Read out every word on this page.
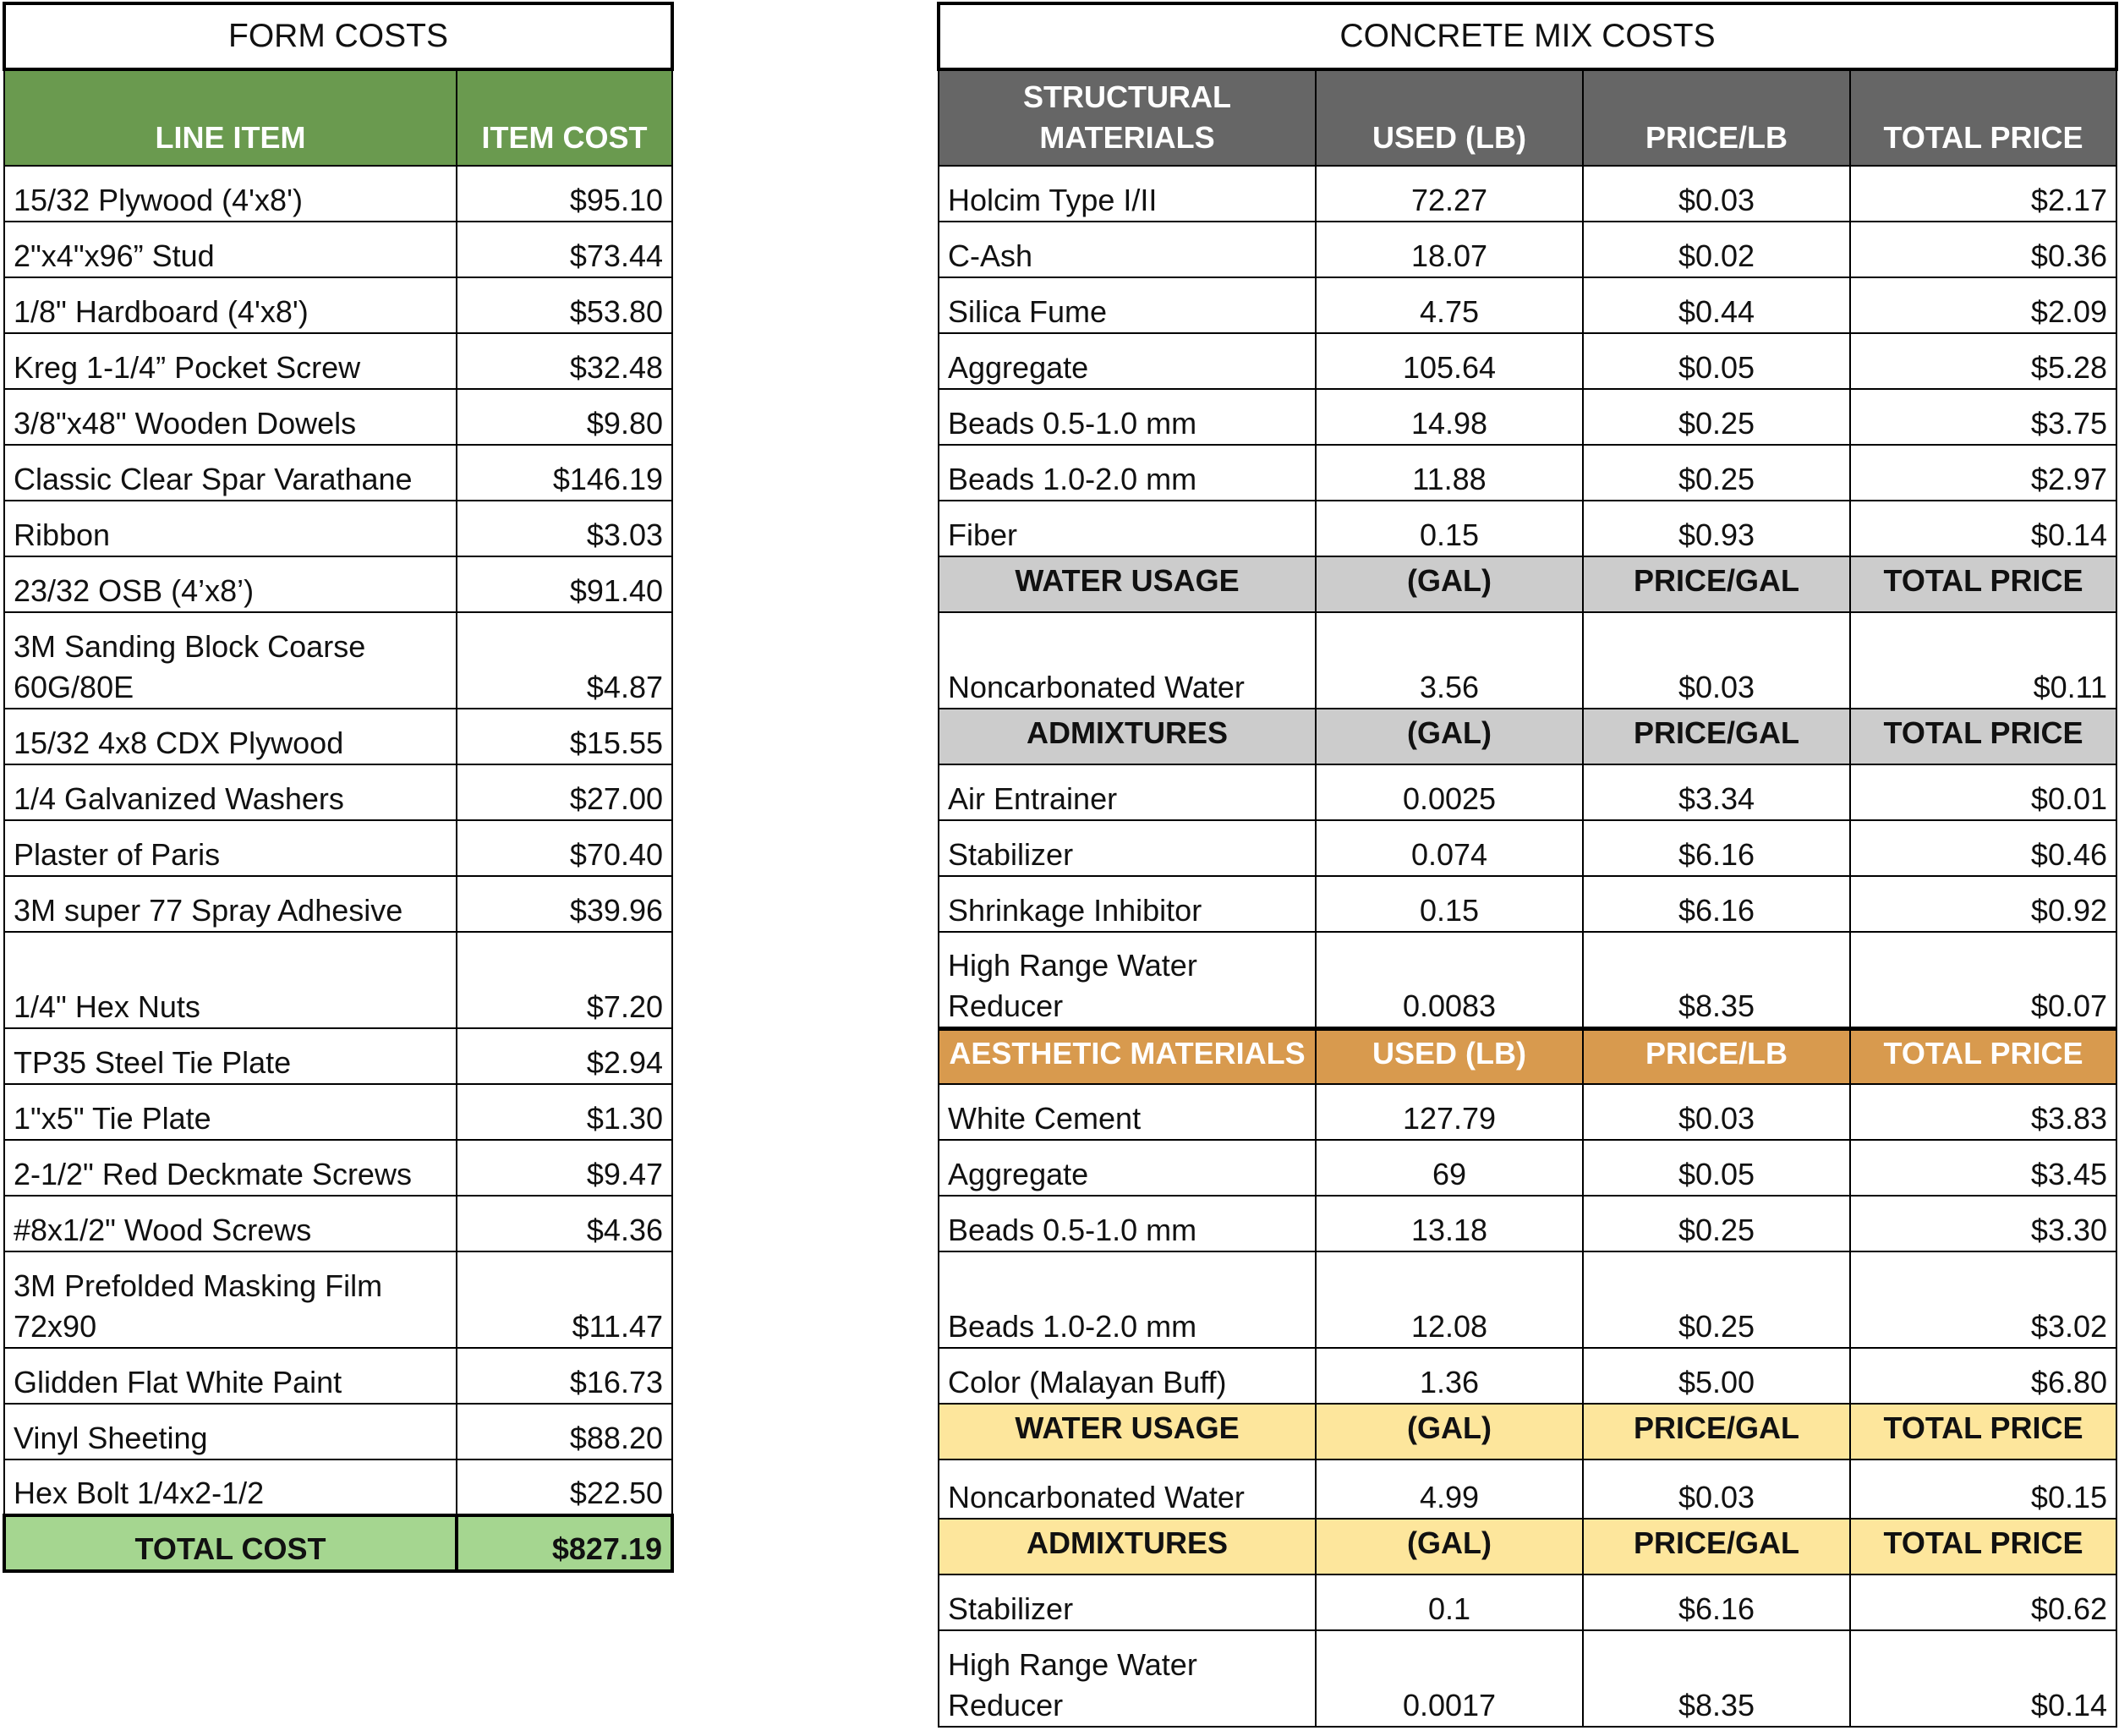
FORM COSTS	
LINE ITEM	ITEM COST
15/32 Plywood (4'x8')	$95.10
2"x4"x96” Stud	$73.44
1/8" Hardboard (4'x8')	$53.80
Kreg 1-1/4” Pocket Screw	$32.48
3/8"x48" Wooden Dowels	$9.80
Classic Clear Spar Varathane	$146.19
Ribbon	$3.03
23/32 OSB (4’x8’)	$91.40
3M Sanding Block Coarse 60G/80E	$4.87
15/32 4x8 CDX Plywood	$15.55
1/4 Galvanized Washers	$27.00
Plaster of Paris	$70.40
3M super 77 Spray Adhesive	$39.96
1/4" Hex Nuts	$7.20
TP35 Steel Tie Plate	$2.94
1"x5" Tie Plate	$1.30
2-1/2" Red Deckmate Screws	$9.47
#8x1/2" Wood Screws	$4.36
3M Prefolded Masking Film 72x90	$11.47
Glidden Flat White Paint	$16.73
Vinyl Sheeting	$88.20
Hex Bolt 1/4x2-1/2	$22.50
TOTAL COST	$827.19
CONCRETE MIX COSTS			
STRUCTURAL MATERIALS	USED (LB)	PRICE/LB	TOTAL PRICE
Holcim Type I/II	72.27	$0.03	$2.17
C-Ash	18.07	$0.02	$0.36
Silica Fume	4.75	$0.44	$2.09
Aggregate	105.64	$0.05	$5.28
Beads 0.5-1.0 mm	14.98	$0.25	$3.75
Beads 1.0-2.0 mm	11.88	$0.25	$2.97
Fiber	0.15	$0.93	$0.14
WATER USAGE	(GAL)	PRICE/GAL	TOTAL PRICE
Noncarbonated Water	3.56	$0.03	$0.11
ADMIXTURES	(GAL)	PRICE/GAL	TOTAL PRICE
Air Entrainer	0.0025	$3.34	$0.01
Stabilizer	0.074	$6.16	$0.46
Shrinkage Inhibitor	0.15	$6.16	$0.92
High Range Water Reducer	0.0083	$8.35	$0.07
AESTHETIC MATERIALS	USED (LB)	PRICE/LB	TOTAL PRICE
White Cement	127.79	$0.03	$3.83
Aggregate	69	$0.05	$3.45
Beads 0.5-1.0 mm	13.18	$0.25	$3.30
Beads 1.0-2.0 mm	12.08	$0.25	$3.02
Color (Malayan Buff)	1.36	$5.00	$6.80
WATER USAGE	(GAL)	PRICE/GAL	TOTAL PRICE
Noncarbonated Water	4.99	$0.03	$0.15
ADMIXTURES	(GAL)	PRICE/GAL	TOTAL PRICE
Stabilizer	0.1	$6.16	$0.62
High Range Water Reducer	0.0017	$8.35	$0.14
